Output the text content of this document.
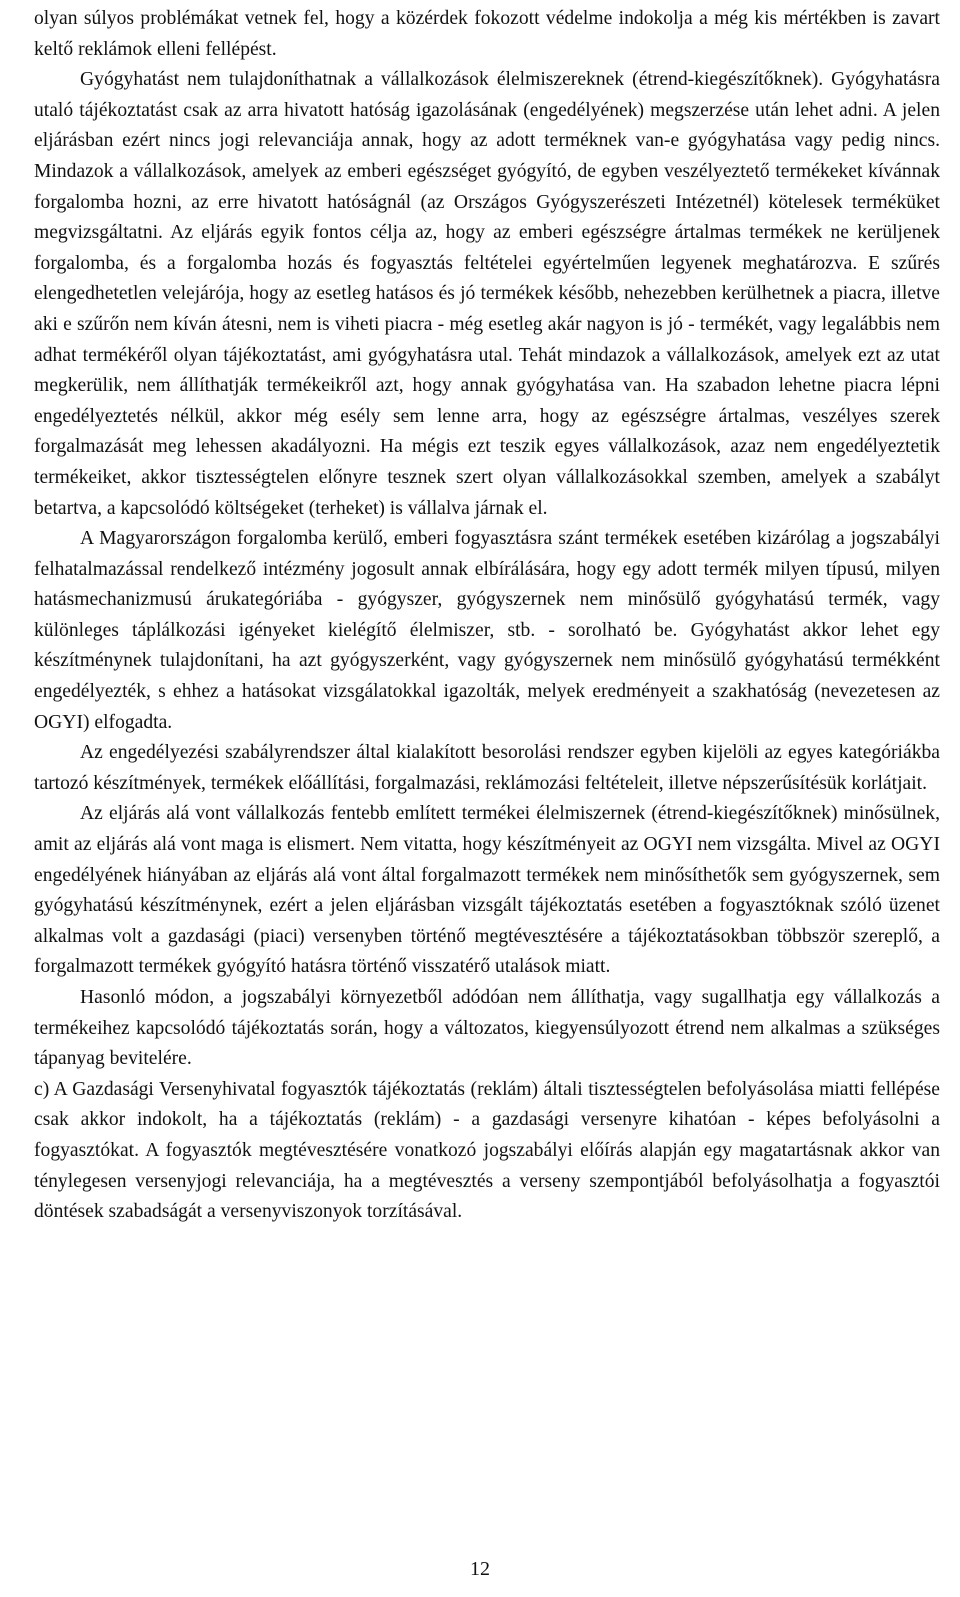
olyan súlyos problémákat vetnek fel, hogy a közérdek fokozott védelme indokolja a még kis mértékben is zavart keltő reklámok elleni fellépést.

Gyógyhatást nem tulajdoníthatnak a vállalkozások élelmiszereknek (étrend-kiegészítőknek). Gyógyhatásra utaló tájékoztatást csak az arra hivatott hatóság igazolásának (engedélyének) megszerzése után lehet adni. A jelen eljárásban ezért nincs jogi relevanciája annak, hogy az adott terméknek van-e gyógyhatása vagy pedig nincs. Mindazok a vállalkozások, amelyek az emberi egészséget gyógyító, de egyben veszélyeztető termékeket kívánnak forgalomba hozni, az erre hivatott hatóságnál (az Országos Gyógyszerészeti Intézetnél) kötelesek terméküket megvizsgáltatni. Az eljárás egyik fontos célja az, hogy az emberi egészségre ártalmas termékek ne kerüljenek forgalomba, és a forgalomba hozás és fogyasztás feltételei egyértelműen legyenek meghatározva. E szűrés elengedhetetlen velejárója, hogy az esetleg hatásos és jó termékek később, nehezebben kerülhetnek a piacra, illetve aki e szűrőn nem kíván átesni, nem is viheti piacra - még esetleg akár nagyon is jó - termékét, vagy legalábbis nem adhat termékéről olyan tájékoztatást, ami gyógyhatásra utal. Tehát mindazok a vállalkozások, amelyek ezt az utat megkerülik, nem állíthatják termékeikről azt, hogy annak gyógyhatása van. Ha szabadon lehetne piacra lépni engedélyeztetés nélkül, akkor még esély sem lenne arra, hogy az egészségre ártalmas, veszélyes szerek forgalmazását meg lehessen akadályozni. Ha mégis ezt teszik egyes vállalkozások, azaz nem engedélyeztetik termékeiket, akkor tisztességtelen előnyre tesznek szert olyan vállalkozásokkal szemben, amelyek a szabályt betartva, a kapcsolódó költségeket (terheket) is vállalva járnak el.

A Magyarországon forgalomba kerülő, emberi fogyasztásra szánt termékek esetében kizárólag a jogszabályi felhatalmazással rendelkező intézmény jogosult annak elbírálására, hogy egy adott termék milyen típusú, milyen hatásmechanizmusú árukategóriába - gyógyszer, gyógyszernek nem minősülő gyógyhatású termék, vagy különleges táplálkozási igényeket kielégítő élelmiszer, stb. - sorolható be. Gyógyhatást akkor lehet egy készítménynek tulajdonítani, ha azt gyógyszerként, vagy gyógyszernek nem minősülő gyógyhatású termékként engedélyezték, s ehhez a hatásokat vizsgálatokkal igazolták, melyek eredményeit a szakhatóság (nevezetesen az OGYI) elfogadta.

Az engedélyezési szabályrendszer által kialakított besorolási rendszer egyben kijelöli az egyes kategóriákba tartozó készítmények, termékek előállítási, forgalmazási, reklámozási feltételeit, illetve népszerűsítésük korlátjait.

Az eljárás alá vont vállalkozás fentebb említett termékei élelmiszernek (étrend-kiegészítőknek) minősülnek, amit az eljárás alá vont maga is elismert. Nem vitatta, hogy készítményeit az OGYI nem vizsgálta. Mivel az OGYI engedélyének hiányában az eljárás alá vont által forgalmazott termékek nem minősíthetők sem gyógyszernek, sem gyógyhatású készítménynek, ezért a jelen eljárásban vizsgált tájékoztatás esetében a fogyasztóknak szóló üzenet alkalmas volt a gazdasági (piaci) versenyben történő megtévesztésére a tájékoztatásokban többször szereplő, a forgalmazott termékek gyógyító hatásra történő visszatérő utalások miatt.

Hasonló módon, a jogszabályi környezetből adódóan nem állíthatja, vagy sugallhatja egy vállalkozás a termékeihez kapcsolódó tájékoztatás során, hogy a változatos, kiegyensúlyozott étrend nem alkalmas a szükséges tápanyag bevitelére.

c) A Gazdasági Versenyhivatal fogyasztók tájékoztatás (reklám) általi tisztességtelen befolyásolása miatti fellépése csak akkor indokolt, ha a tájékoztatás (reklám) - a gazdasági versenyre kihatóan - képes befolyásolni a fogyasztókat. A fogyasztók megtévesztésére vonatkozó jogszabályi előírás alapján egy magatartásnak akkor van ténylegesen versenyjogi relevanciája, ha a megtévesztés a verseny szempontjából befolyásolhatja a fogyasztói döntések szabadságát a versenyviszonyok torzításával.

12
